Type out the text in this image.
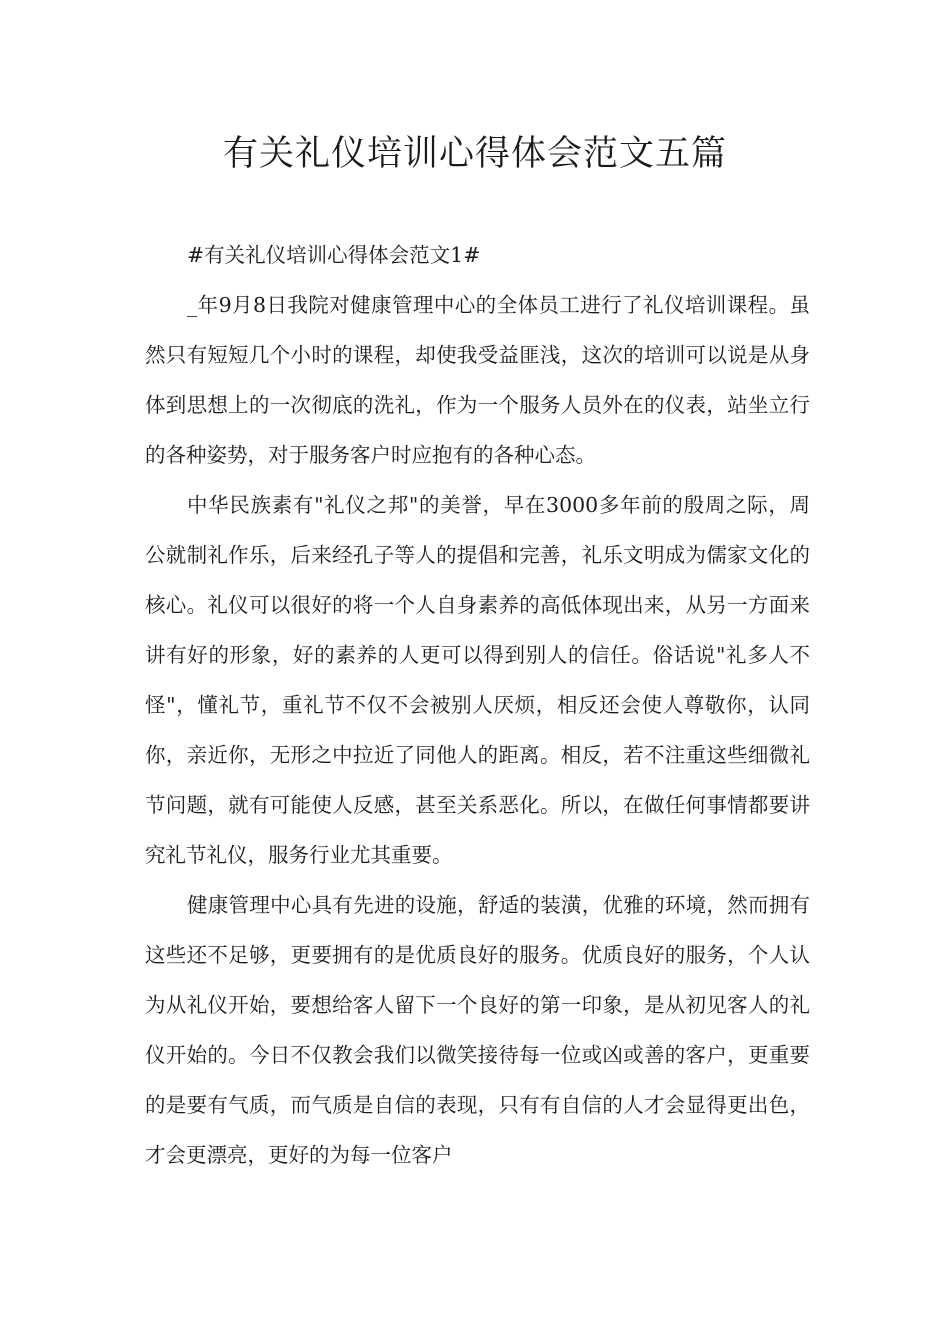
有关礼仪培训心得体会范文五篇

#有关礼仪培训心得体会范文1#

_年9月8日我院对健康管理中心的全体员工进行了礼仪培训课程。虽然只有短短几个小时的课程，却使我受益匪浅，这次的培训可以说是从身体到思想上的一次彻底的洗礼，作为一个服务人员外在的仪表，站坐立行的各种姿势，对于服务客户时应抱有的各种心态。

中华民族素有"礼仪之邦"的美誉，早在3000多年前的殷周之际，周公就制礼作乐，后来经孔子等人的提倡和完善，礼乐文明成为儒家文化的核心。礼仪可以很好的将一个人自身素养的高低体现出来，从另一方面来讲有好的形象，好的素养的人更可以得到别人的信任。俗话说"礼多人不怪"，懂礼节，重礼节不仅不会被别人厌烦，相反还会使人尊敬你，认同你，亲近你，无形之中拉近了同他人的距离。相反，若不注重这些细微礼节问题，就有可能使人反感，甚至关系恶化。所以，在做任何事情都要讲究礼节礼仪，服务行业尤其重要。

健康管理中心具有先进的设施，舒适的装潢，优雅的环境，然而拥有这些还不足够，更要拥有的是优质良好的服务。优质良好的服务，个人认为从礼仪开始，要想给客人留下一个良好的第一印象，是从初见客人的礼仪开始的。今日不仅教会我们以微笑接待每一位或凶或善的客户，更重要的是要有气质，而气质是自信的表现，只有有自信的人才会显得更出色，才会更漂亮，更好的为每一位客户
